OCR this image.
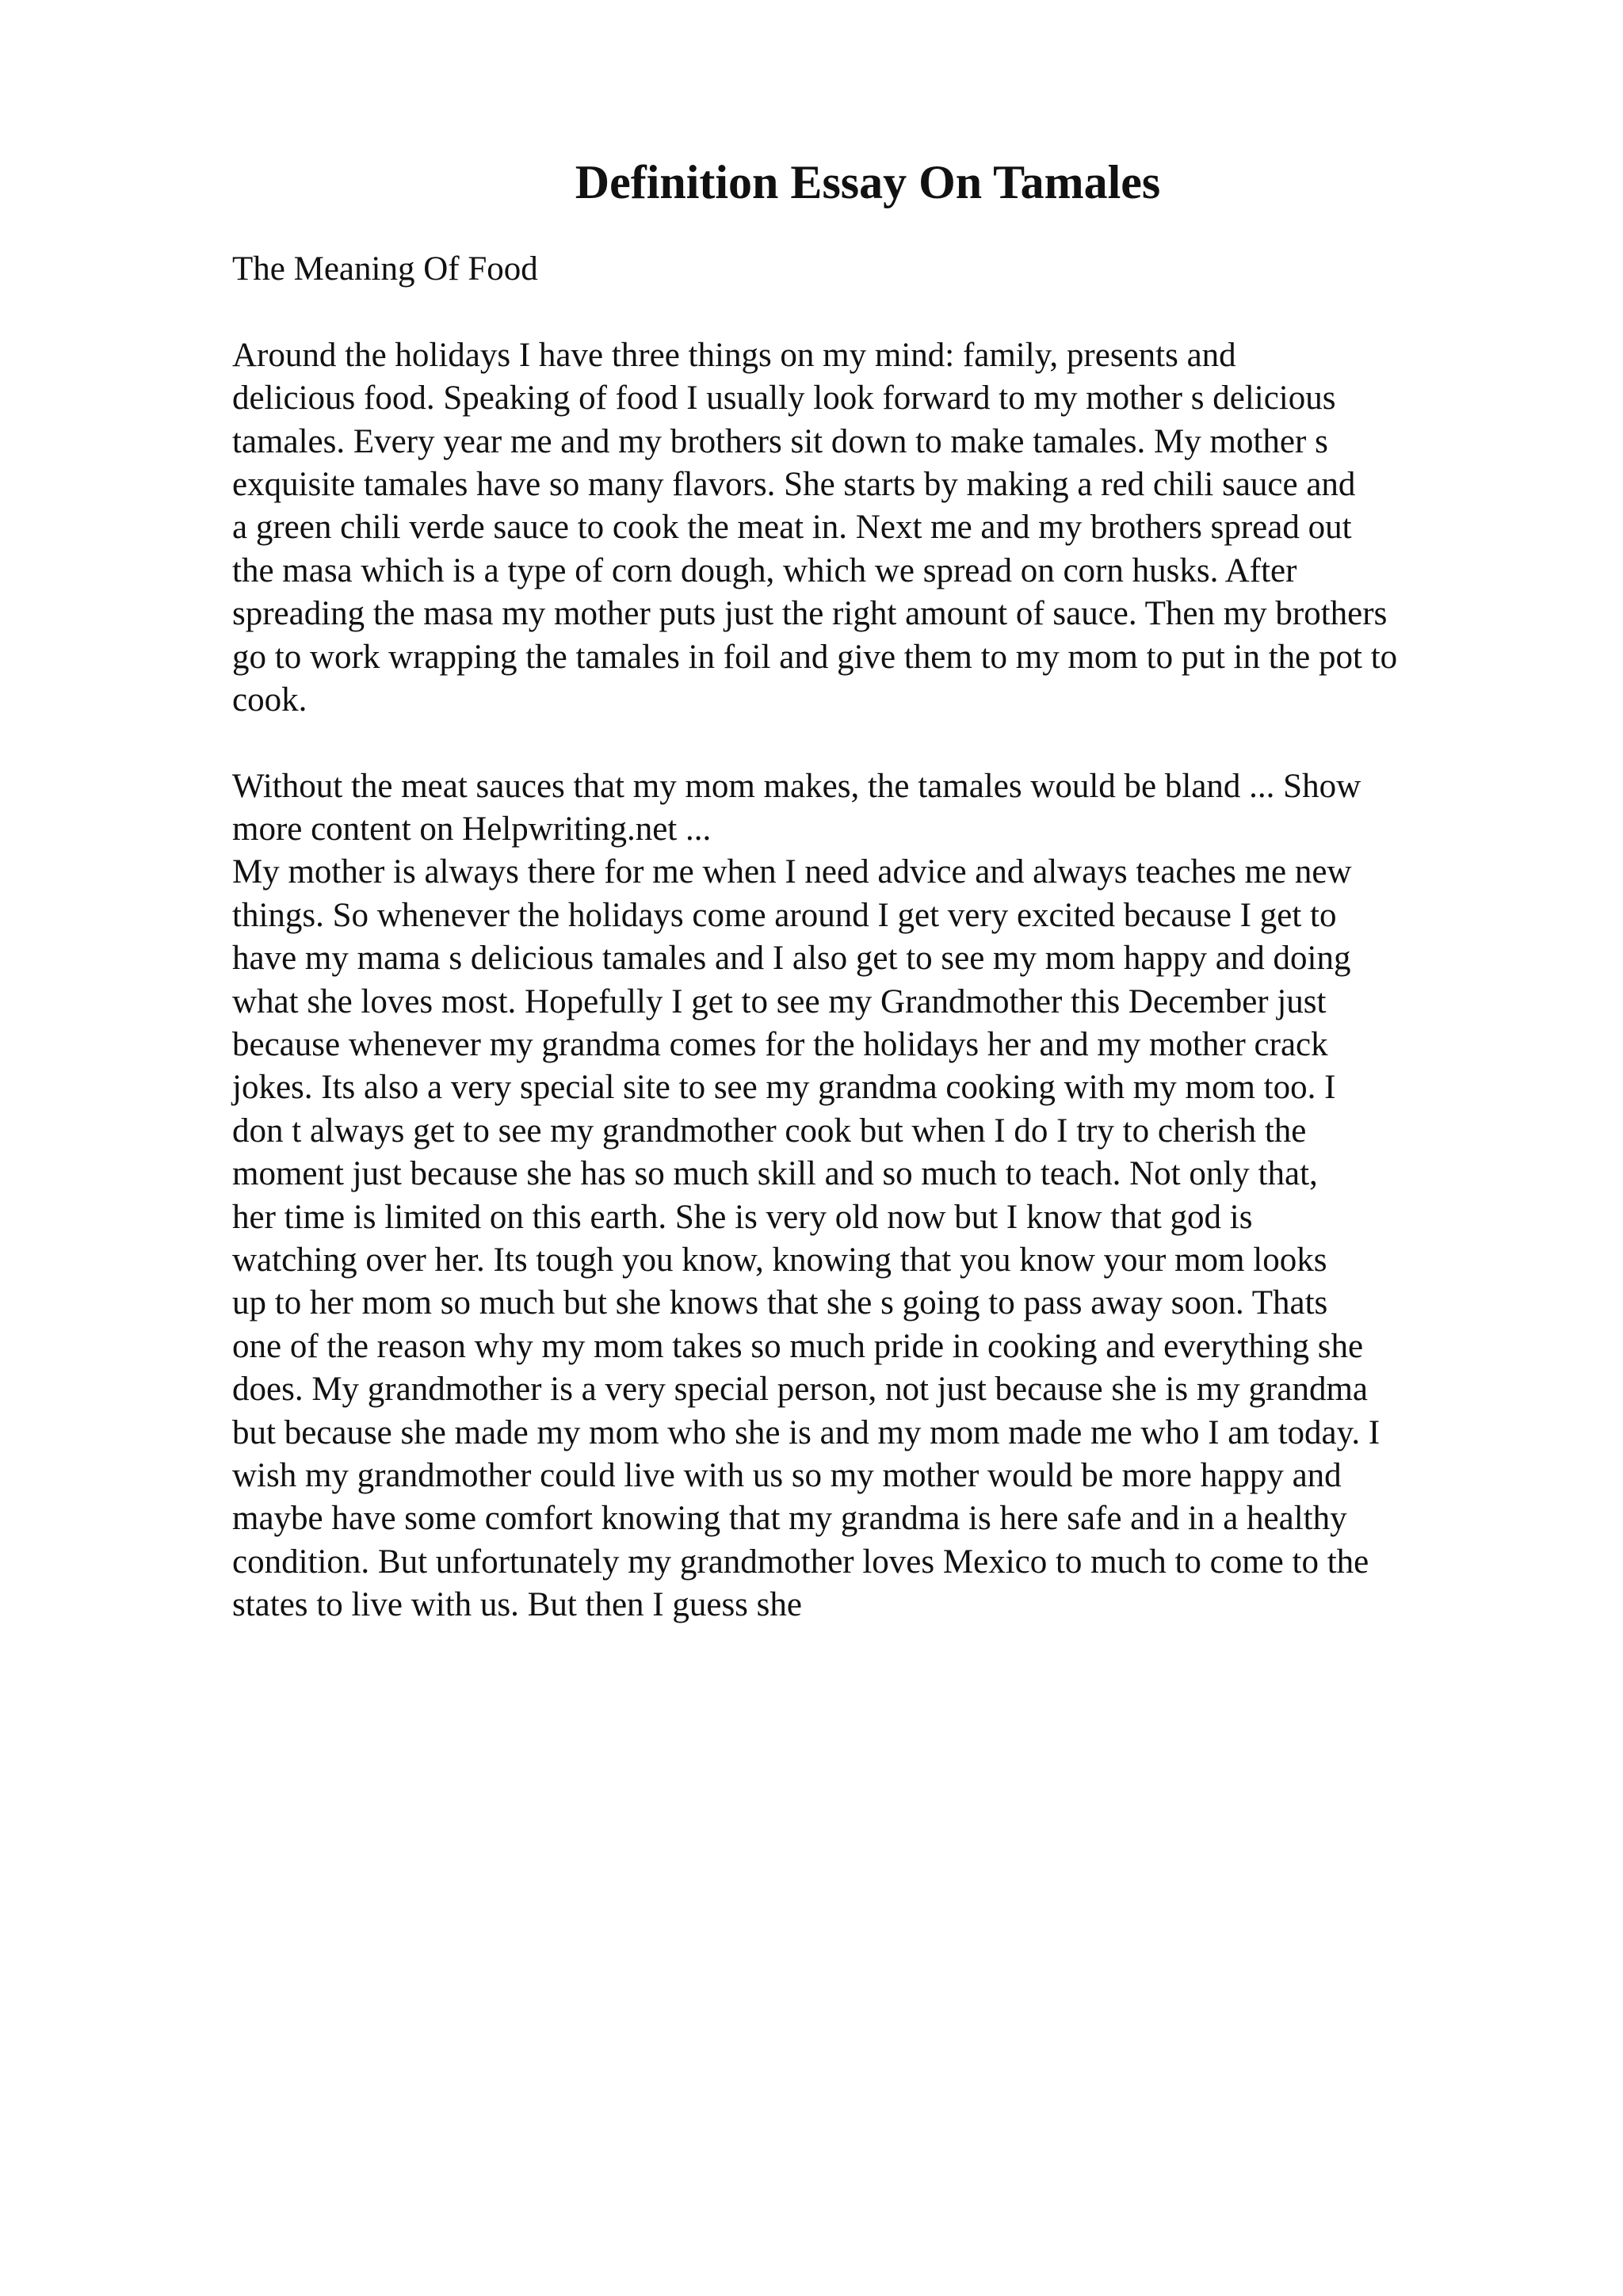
Definition Essay On Tamales
The Meaning Of Food
Around the holidays I have three things on my mind: family, presents and
delicious food. Speaking of food I usually look forward to my mother s delicious
tamales. Every year me and my brothers sit down to make tamales. My mother s
exquisite tamales have so many flavors. She starts by making a red chili sauce and
a green chili verde sauce to cook the meat in. Next me and my brothers spread out
the masa which is a type of corn dough, which we spread on corn husks. After
spreading the masa my mother puts just the right amount of sauce. Then my brothers
go to work wrapping the tamales in foil and give them to my mom to put in the pot to
cook.
Without the meat sauces that my mom makes, the tamales would be bland ... Show
more content on Helpwriting.net ...
My mother is always there for me when I need advice and always teaches me new
things. So whenever the holidays come around I get very excited because I get to
have my mama s delicious tamales and I also get to see my mom happy and doing
what she loves most. Hopefully I get to see my Grandmother this December just
because whenever my grandma comes for the holidays her and my mother crack
jokes. Its also a very special site to see my grandma cooking with my mom too. I
don t always get to see my grandmother cook but when I do I try to cherish the
moment just because she has so much skill and so much to teach. Not only that,
her time is limited on this earth. She is very old now but I know that god is
watching over her. Its tough you know, knowing that you know your mom looks
up to her mom so much but she knows that she s going to pass away soon. Thats
one of the reason why my mom takes so much pride in cooking and everything she
does. My grandmother is a very special person, not just because she is my grandma
but because she made my mom who she is and my mom made me who I am today. I
wish my grandmother could live with us so my mother would be more happy and
maybe have some comfort knowing that my grandma is here safe and in a healthy
condition. But unfortunately my grandmother loves Mexico to much to come to the
states to live with us. But then I guess she
